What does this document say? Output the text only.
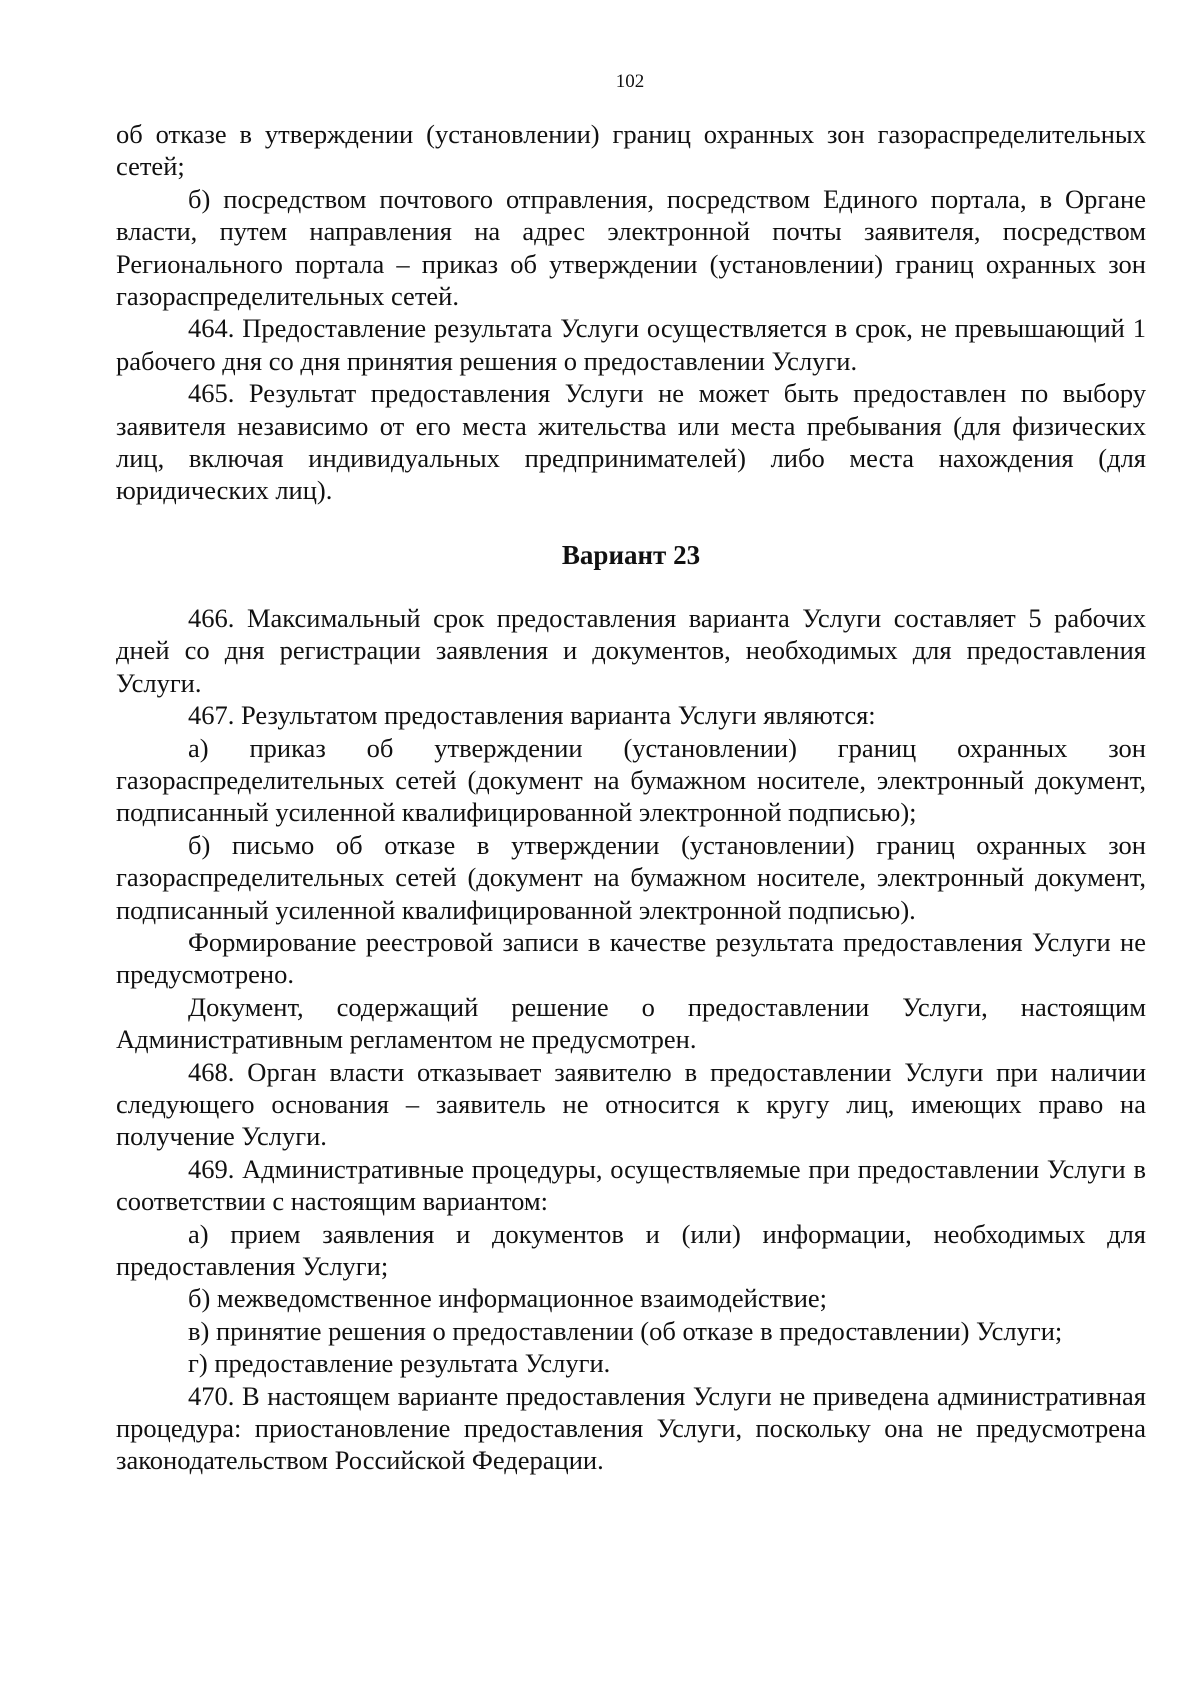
102

об отказе в утверждении (установлении) границ охранных зон газораспределительных сетей;

б) посредством почтового отправления, посредством Единого портала, в Органе власти, путем направления на адрес электронной почты заявителя, посредством Регионального портала – приказ об утверждении (установлении) границ охранных зон газораспределительных сетей.

464. Предоставление результата Услуги осуществляется в срок, не превышающий 1 рабочего дня со дня принятия решения о предоставлении Услуги.

465. Результат предоставления Услуги не может быть предоставлен по выбору заявителя независимо от его места жительства или места пребывания (для физических лиц, включая индивидуальных предпринимателей) либо места нахождения (для юридических лиц).

Вариант 23

466. Максимальный срок предоставления варианта Услуги составляет 5 рабочих дней со дня регистрации заявления и документов, необходимых для предоставления Услуги.

467. Результатом предоставления варианта Услуги являются:

а) приказ об утверждении (установлении) границ охранных зон газораспределительных сетей (документ на бумажном носителе, электронный документ, подписанный усиленной квалифицированной электронной подписью);

б) письмо об отказе в утверждении (установлении) границ охранных зон газораспределительных сетей (документ на бумажном носителе, электронный документ, подписанный усиленной квалифицированной электронной подписью).

Формирование реестровой записи в качестве результата предоставления Услуги не предусмотрено.

Документ, содержащий решение о предоставлении Услуги, настоящим Административным регламентом не предусмотрен.

468. Орган власти отказывает заявителю в предоставлении Услуги при наличии следующего основания – заявитель не относится к кругу лиц, имеющих право на получение Услуги.

469. Административные процедуры, осуществляемые при предоставлении Услуги в соответствии с настоящим вариантом:

а) прием заявления и документов и (или) информации, необходимых для предоставления Услуги;

б) межведомственное информационное взаимодействие;

в) принятие решения о предоставлении (об отказе в предоставлении) Услуги;

г) предоставление результата Услуги.

470. В настоящем варианте предоставления Услуги не приведена административная процедура: приостановление предоставления Услуги, поскольку она не предусмотрена законодательством Российской Федерации.
